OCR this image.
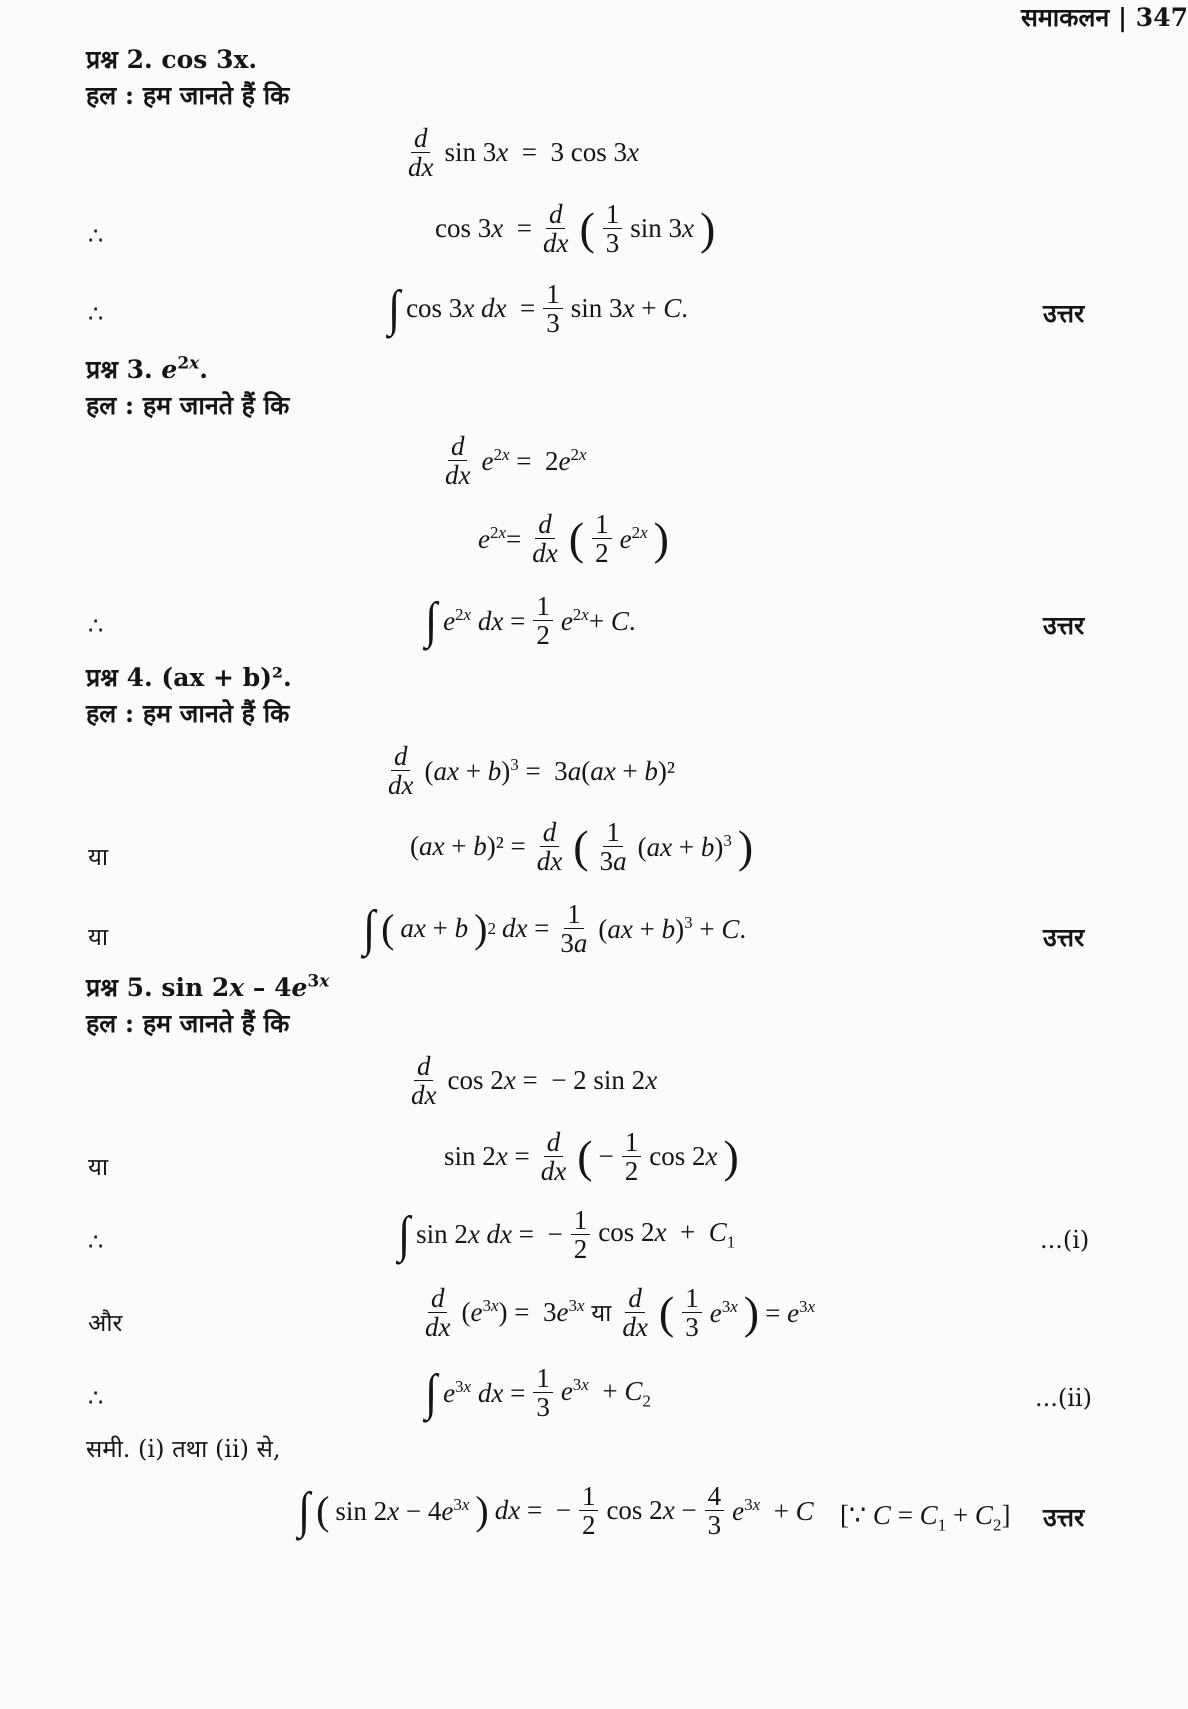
समाकलन | 347
प्रश्न 2. cos 3x.
हल : हम जानते हैं कि
$\frac{d}{dx}$ sin 3x  =  3 cos 3x
∴	$\cos 3x = \frac{d}{dx}$ ( $\frac{1}{3}$ sin 3x )
∴	∫ cos 3x dx  = $\frac{1}{3}$ sin 3x + C.	उत्तर
प्रश्न 3. $e^{2x}$.
हल : हम जानते हैं कि
$\frac{d}{dx} e^{2x} = 2e^{2x}$
$e^{2x}= \frac{d}{dx}$ ( $\frac{1}{2} e^{2x}$ )
∴	∫ $e^{2x}$ dx = $\frac{1}{2} e^{2x}+ C$.	उत्तर
प्रश्न 4. (ax + b)².
हल : हम जानते हैं कि
$\frac{d}{dx} (ax + b)^3 = 3a(ax + b)^2$
या	$(ax + b)^2 = \frac{d}{dx}$ ( $\frac{1}{3a} (ax + b)^3$ )
या	∫ ( ax + b ) 2 dx = $\frac{1}{3a} (ax + b)^3 + C$.	उत्तर
प्रश्न 5. $\sin 2x - 4e^{3x}$
हल : हम जानते हैं कि
$\frac{d}{dx}$ cos 2x =  − 2 sin 2x
या	$\sin 2x = \frac{d}{dx}$ ( − $\frac{1}{2}$ cos 2x )
∴	∫ sin 2x dx =  − $\frac{1}{2}$ $\cos 2x + C_1$	...(i)
और	$\frac{d}{dx} (e^{3x}) = 3e^{3x}$ या $\frac{d}{dx}$ ( $\frac{1}{3} e^{3x}$ ) = $e^{3x}$
∴	∫ $e^{3x}$ dx = $\frac{1}{3} e^{3x} + C_2$	...(ii)
समी. (i) तथा (ii) से,
∫ ( $\sin 2x - 4e^{3x}$ ) dx =  − $\frac{1}{2}$ $\cos 2x - \frac{4}{3} e^{3x} + C$ [∵ $C = C_1 + C_2$] उत्तर
